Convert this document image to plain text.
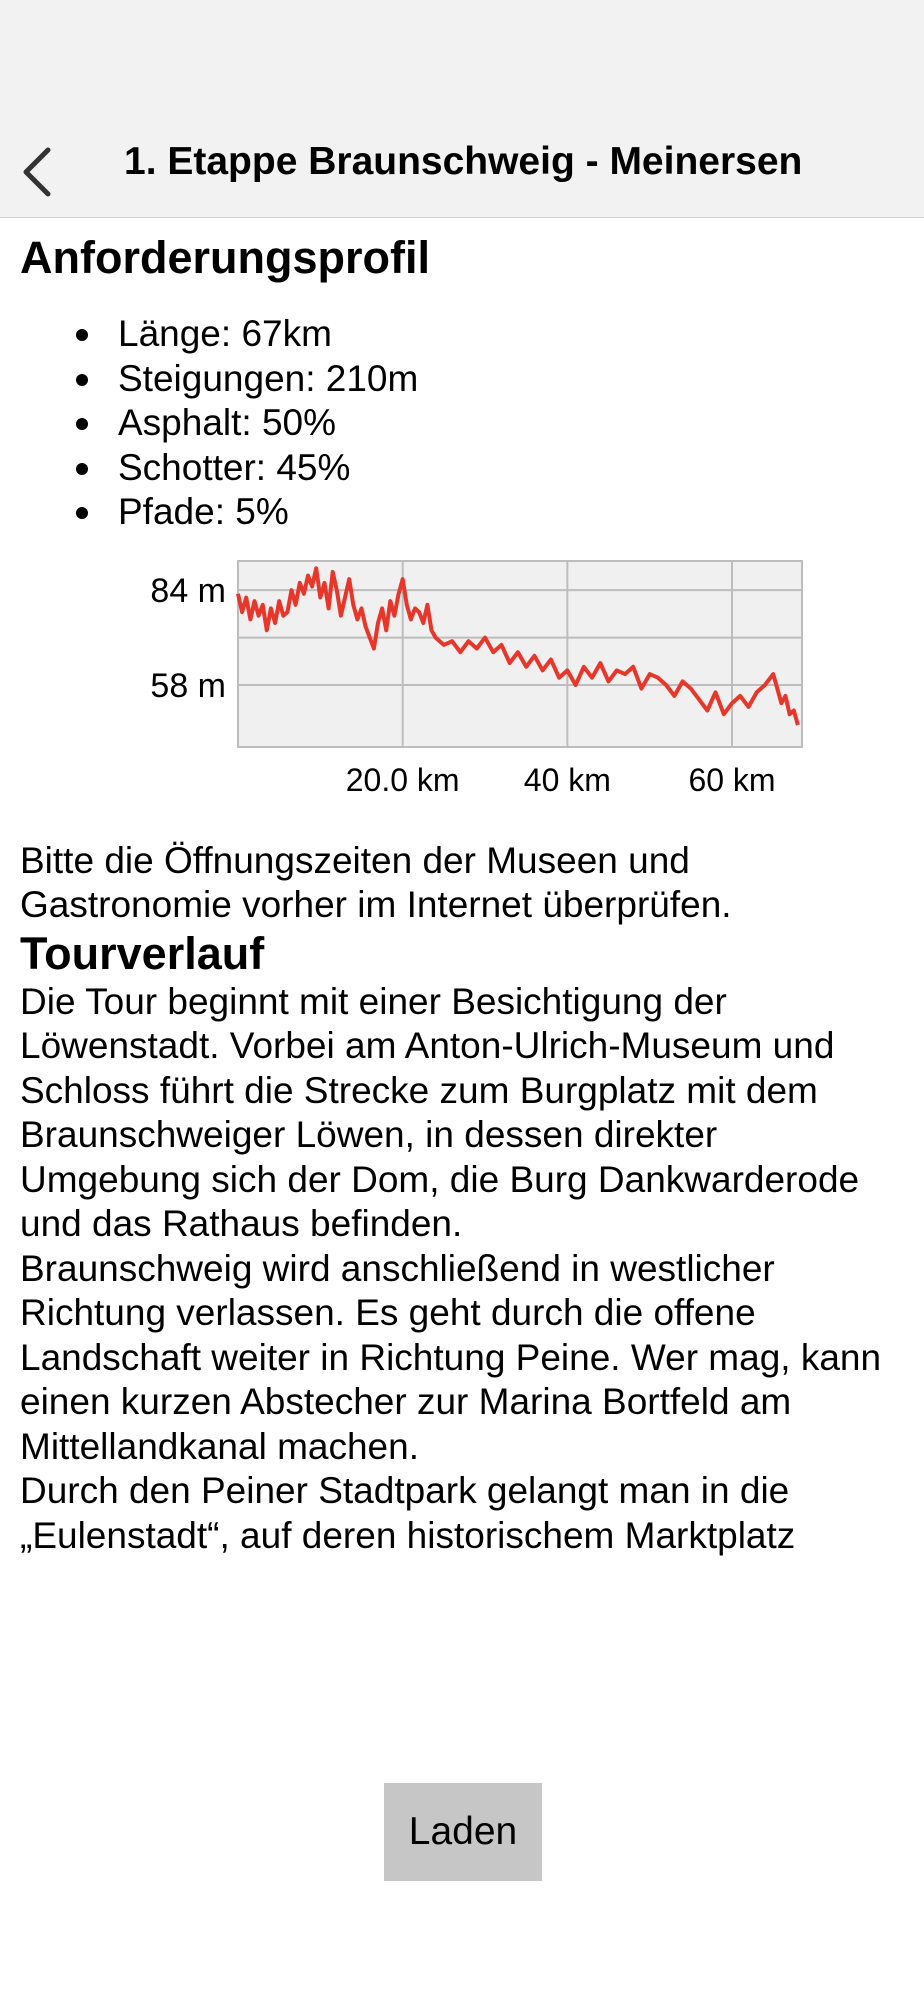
1. Etappe Braunschweig - Meinersen
Anforderungsprofil
Länge: 67km
Steigungen: 210m
Asphalt: 50%
Schotter: 45%
Pfade: 5%
58 m
84 m
20.0 km 40 km 60 km

Bitte die Öffnungszeiten der Museen und Gastronomie vorher im Internet überprüfen.

Tourverlauf

Die Tour beginnt mit einer Besichtigung der Löwenstadt. Vorbei am Anton-Ulrich-Museum und Schloss führt die Strecke zum Burgplatz mit dem Braunschweiger Löwen, in dessen direkter Umgebung sich der Dom, die Burg Dankwarderode und das Rathaus befinden.

Braunschweig wird anschließend in westlicher Richtung verlassen. Es geht durch die offene Landschaft weiter in Richtung Peine. Wer mag, kann einen kurzen Abstecher zur Marina Bortfeld am Mittellandkanal machen.

Durch den Peiner Stadtpark gelangt man in die „Eulenstadt“, auf deren historischem Marktplatz

Laden
